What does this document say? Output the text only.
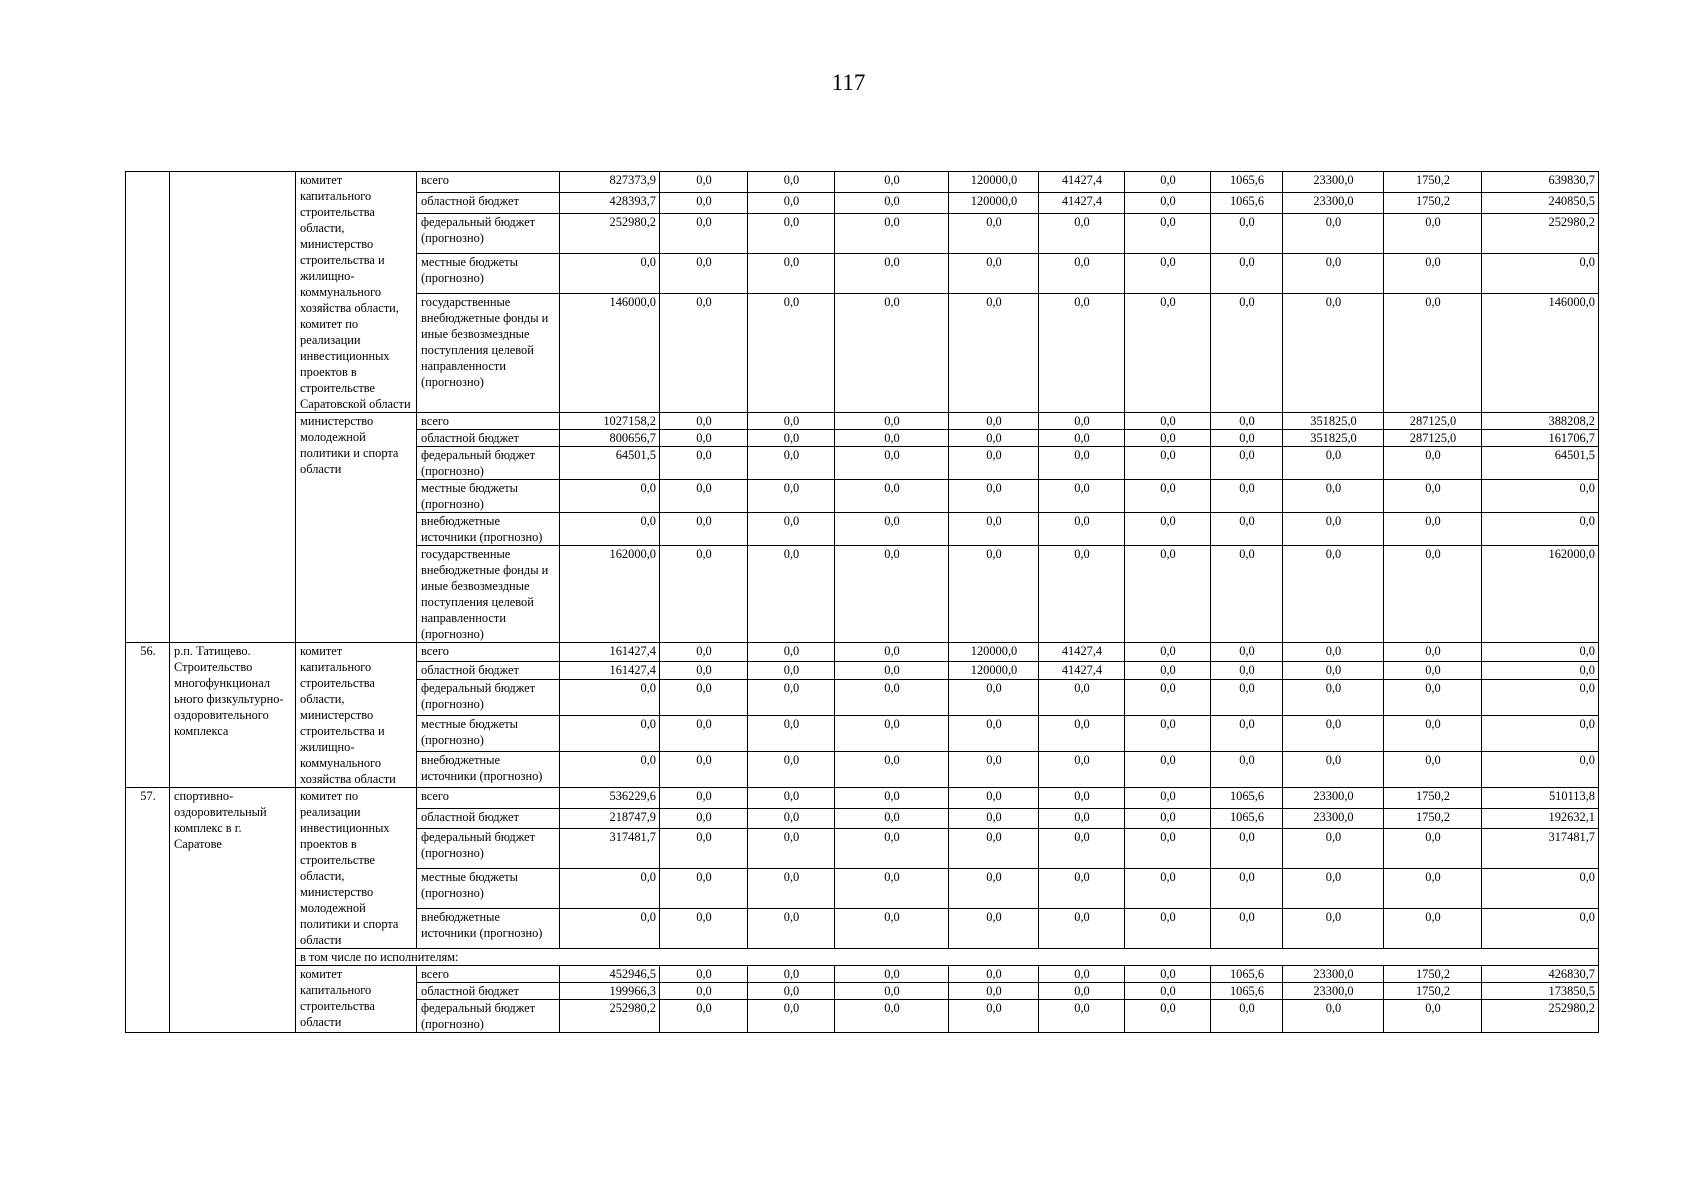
117
		комитет капитального строительства области, министерство строительства и жилищно-коммунального хозяйства области, комитет по реализации инвестиционных проектов в строительстве Саратовской области	всего	827373,9	0,0	0,0	0,0	120000,0	41427,4	0,0	1065,6	23300,0	1750,2	639830,7
			областной бюджет	428393,7	0,0	0,0	0,0	120000,0	41427,4	0,0	1065,6	23300,0	1750,2	240850,5
			федеральный бюджет (прогнозно)	252980,2	0,0	0,0	0,0	0,0	0,0	0,0	0,0	0,0	0,0	252980,2
			местные бюджеты (прогнозно)	0,0	0,0	0,0	0,0	0,0	0,0	0,0	0,0	0,0	0,0	0,0
			государственные внебюджетные фонды и иные безвозмездные поступления целевой направленности (прогнозно)	146000,0	0,0	0,0	0,0	0,0	0,0	0,0	0,0	0,0	0,0	146000,0
		министерство молодежной политики и спорта области	всего	1027158,2	0,0	0,0	0,0	0,0	0,0	0,0	0,0	351825,0	287125,0	388208,2
			областной бюджет	800656,7	0,0	0,0	0,0	0,0	0,0	0,0	0,0	351825,0	287125,0	161706,7
			федеральный бюджет (прогнозно)	64501,5	0,0	0,0	0,0	0,0	0,0	0,0	0,0	0,0	0,0	64501,5
			местные бюджеты (прогнозно)	0,0	0,0	0,0	0,0	0,0	0,0	0,0	0,0	0,0	0,0	0,0
			внебюджетные источники (прогнозно)	0,0	0,0	0,0	0,0	0,0	0,0	0,0	0,0	0,0	0,0	0,0
			государственные внебюджетные фонды и иные безвозмездные поступления целевой направленности (прогнозно)	162000,0	0,0	0,0	0,0	0,0	0,0	0,0	0,0	0,0	0,0	162000,0
56.	р.п. Татищево. Строительство многофункционал ьного физкультурно-оздоровительного комплекса	комитет капитального строительства области, министерство строительства и жилищно-коммунального хозяйства области	всего	161427,4	0,0	0,0	0,0	120000,0	41427,4	0,0	0,0	0,0	0,0	0,0
			областной бюджет	161427,4	0,0	0,0	0,0	120000,0	41427,4	0,0	0,0	0,0	0,0	0,0
			федеральный бюджет (прогнозно)	0,0	0,0	0,0	0,0	0,0	0,0	0,0	0,0	0,0	0,0	0,0
			местные бюджеты (прогнозно)	0,0	0,0	0,0	0,0	0,0	0,0	0,0	0,0	0,0	0,0	0,0
			внебюджетные источники (прогнозно)	0,0	0,0	0,0	0,0	0,0	0,0	0,0	0,0	0,0	0,0	0,0
57.	спортивно-оздоровительный комплекс в г. Саратове	комитет по реализации инвестиционных проектов в строительстве области, министерство молодежной политики и спорта области	всего	536229,6	0,0	0,0	0,0	0,0	0,0	0,0	1065,6	23300,0	1750,2	510113,8
			областной бюджет	218747,9	0,0	0,0	0,0	0,0	0,0	0,0	1065,6	23300,0	1750,2	192632,1
			федеральный бюджет (прогнозно)	317481,7	0,0	0,0	0,0	0,0	0,0	0,0	0,0	0,0	0,0	317481,7
			местные бюджеты (прогнозно)	0,0	0,0	0,0	0,0	0,0	0,0	0,0	0,0	0,0	0,0	0,0
			внебюджетные источники (прогнозно)	0,0	0,0	0,0	0,0	0,0	0,0	0,0	0,0	0,0	0,0	0,0
		в том числе по исполнителям:												
		комитет капитального строительства области	всего	452946,5	0,0	0,0	0,0	0,0	0,0	0,0	1065,6	23300,0	1750,2	426830,7
			областной бюджет	199966,3	0,0	0,0	0,0	0,0	0,0	0,0	1065,6	23300,0	1750,2	173850,5
			федеральный бюджет (прогнозно)	252980,2	0,0	0,0	0,0	0,0	0,0	0,0	0,0	0,0	0,0	252980,2
